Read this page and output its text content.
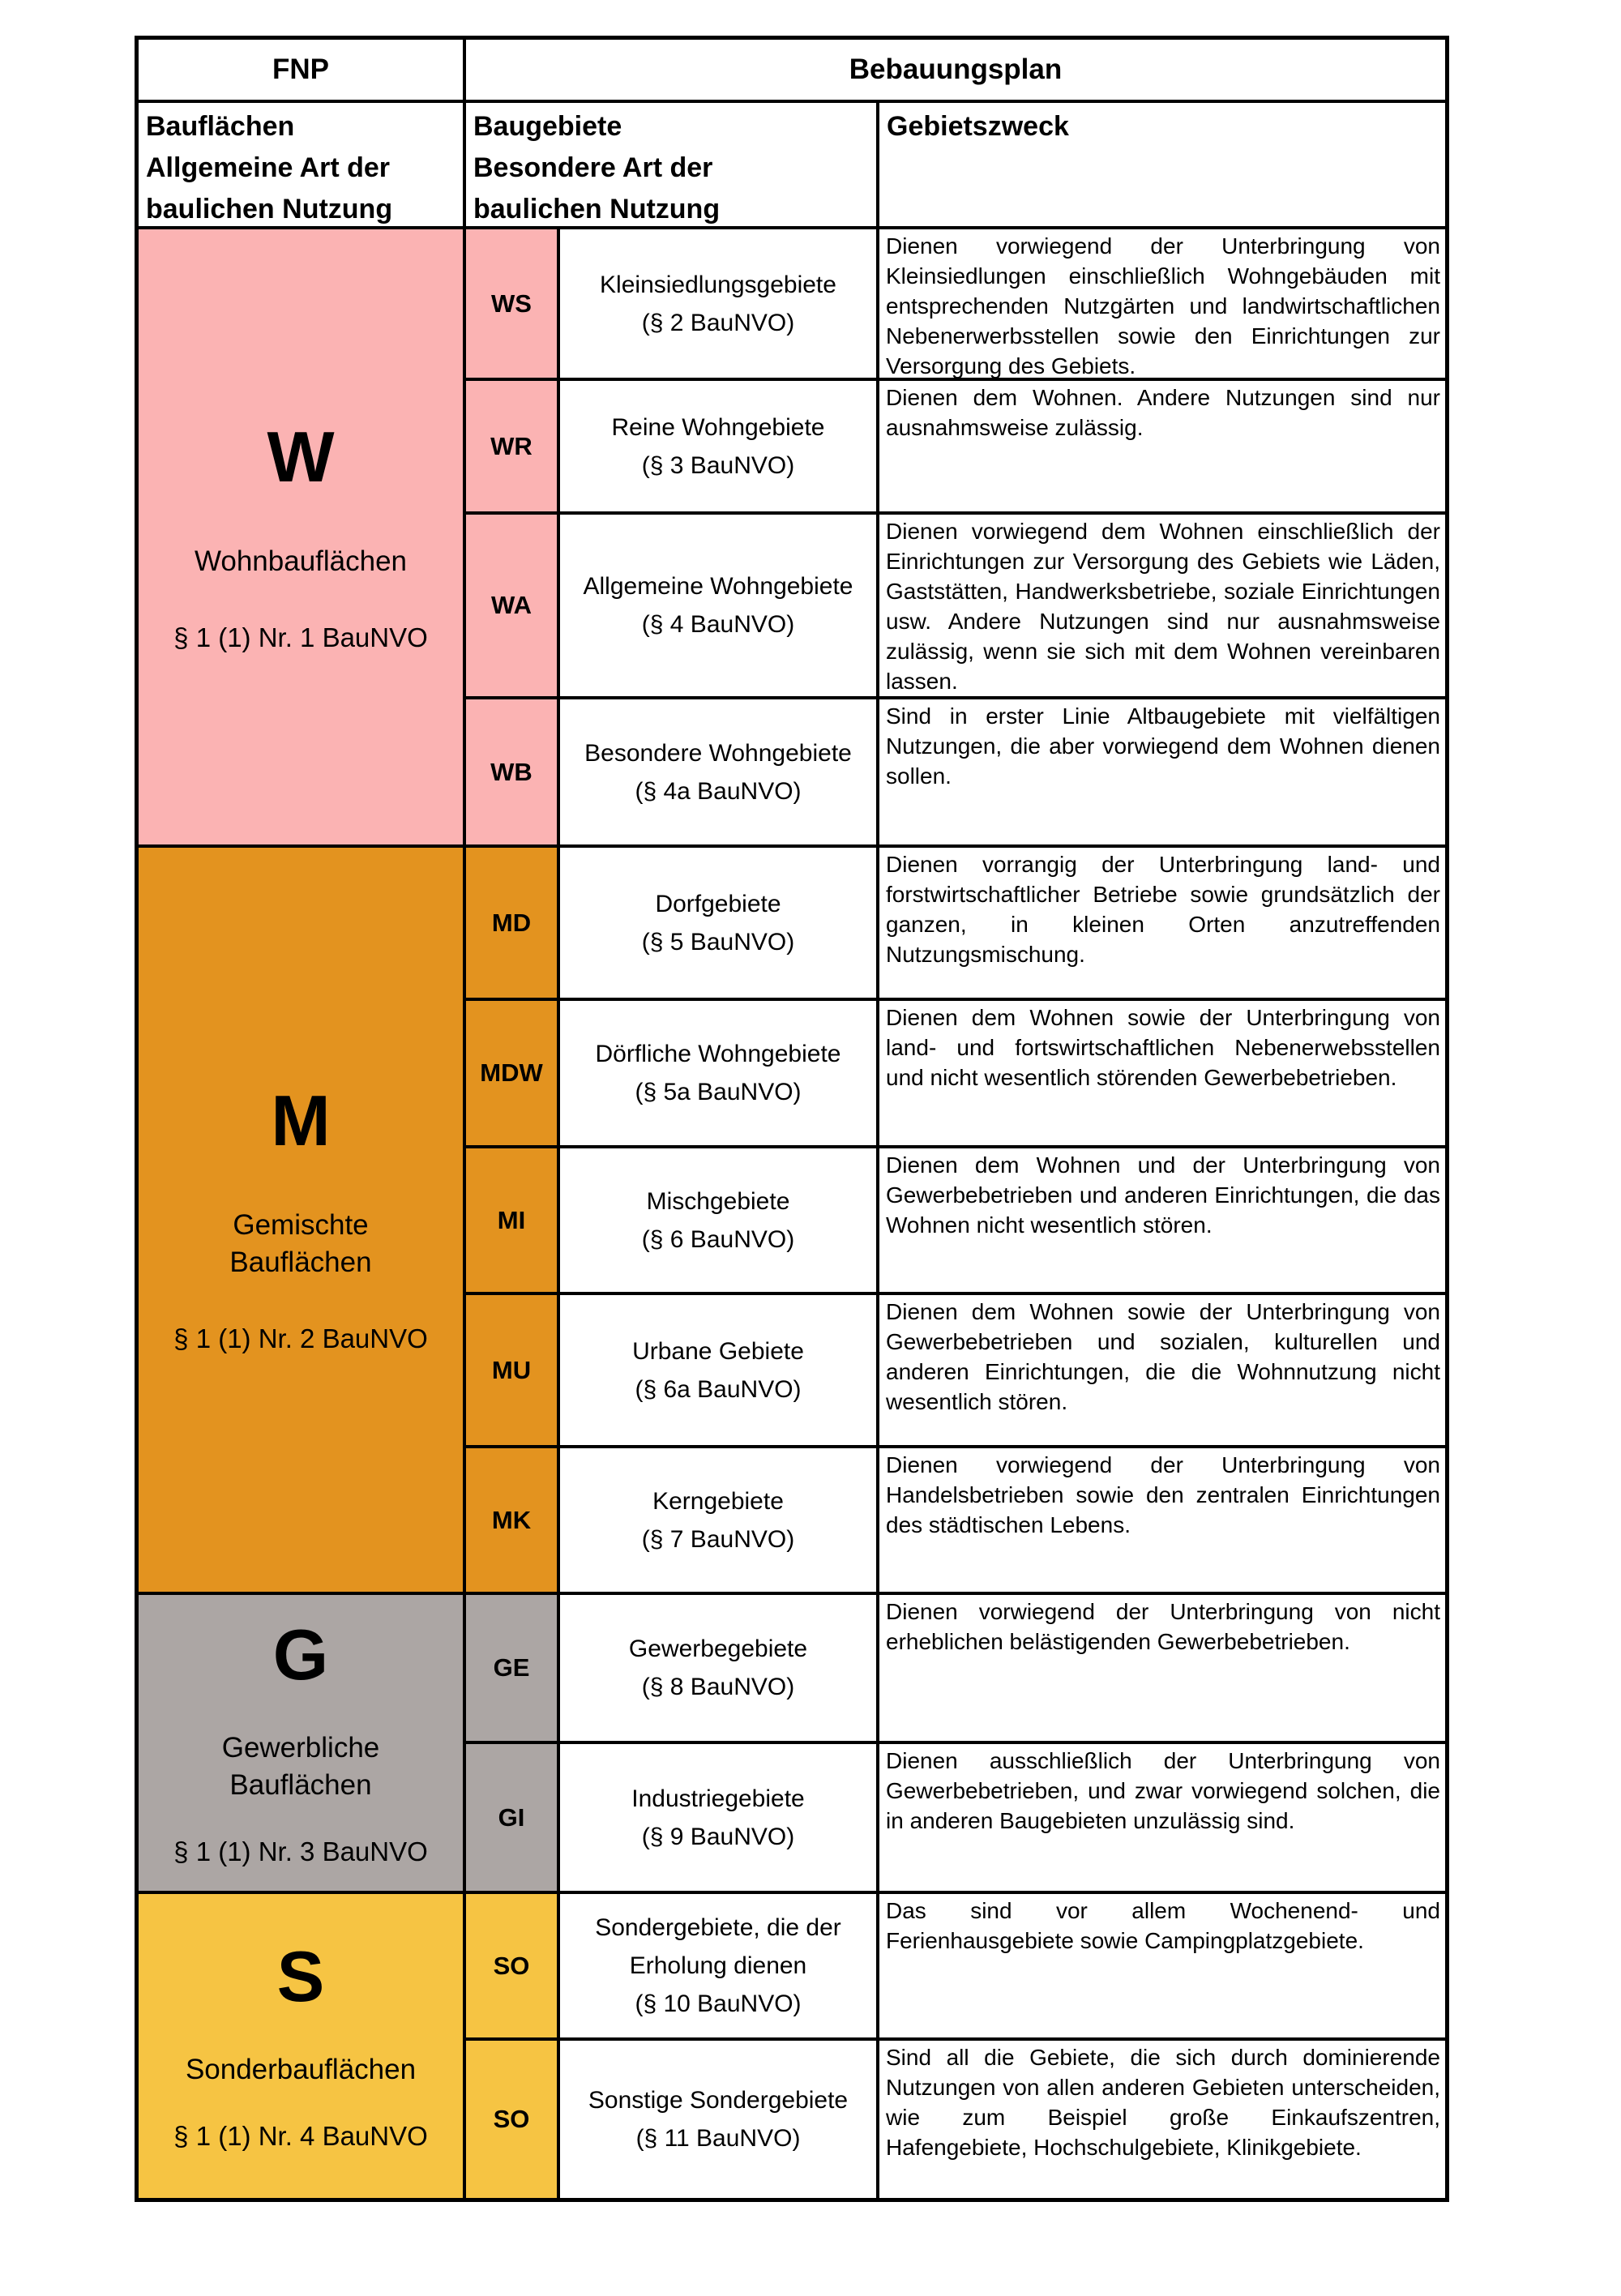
FNP	Bebauungsplan
Bauflächen
Allgemeine Art der
baulichen Nutzung
Baugebiete
Besondere Art der
baulichen Nutzung
Gebietszweck
W
Wohnbauflächen
§ 1 (1) Nr. 1 BauNVO
WS
Kleinsiedlungsgebiete
(§ 2 BauNVO)
Dienen vorwiegend der Unterbringung von Kleinsiedlungen einschließlich Wohngebäuden mit entsprechenden Nutzgärten und landwirtschaftlichen Nebenerwerbsstellen sowie den Einrichtungen zur Versorgung des Gebiets.
WR
Reine Wohngebiete
(§ 3 BauNVO)
Dienen dem Wohnen. Andere Nutzungen sind nur ausnahmsweise zulässig.
WA
Allgemeine Wohngebiete
(§ 4 BauNVO)
Dienen vorwiegend dem Wohnen einschließlich der Einrichtungen zur Versorgung des Gebiets wie Läden, Gaststätten, Handwerksbetriebe, soziale Einrichtungen usw. Andere Nutzungen sind nur ausnahmsweise zulässig, wenn sie sich mit dem Wohnen vereinbaren lassen.
WB
Besondere Wohngebiete
(§ 4a BauNVO)
Sind in erster Linie Altbaugebiete mit vielfältigen Nutzungen, die aber vorwiegend dem Wohnen dienen sollen.
M
Gemischte Bauflächen
§ 1 (1) Nr. 2 BauNVO
MD
Dorfgebiete
(§ 5 BauNVO)
Dienen vorrangig der Unterbringung land- und forstwirtschaftlicher Betriebe sowie grundsätzlich der ganzen, in kleinen Orten anzutreffenden Nutzungsmischung.
MDW
Dörfliche Wohngebiete
(§ 5a BauNVO)
Dienen dem Wohnen sowie der Unterbringung von land- und fortswirtschaftlichen Nebenerwebsstellen und nicht wesentlich störenden Gewerbebetrieben.
MI
Mischgebiete
(§ 6 BauNVO)
Dienen dem Wohnen und der Unterbringung von Gewerbebetrieben und anderen Einrichtungen, die das Wohnen nicht wesentlich stören.
MU
Urbane Gebiete
(§ 6a BauNVO)
Dienen dem Wohnen sowie der Unterbringung von Gewerbebetrieben und sozialen, kulturellen und anderen Einrichtungen, die die Wohnnutzung nicht wesentlich stören.
MK
Kerngebiete
(§ 7 BauNVO)
Dienen vorwiegend der Unterbringung von Handelsbetrieben sowie den zentralen Einrichtungen des städtischen Lebens.
G
Gewerbliche Bauflächen
§ 1 (1) Nr. 3 BauNVO
GE
Gewerbegebiete
(§ 8 BauNVO)
Dienen vorwiegend der Unterbringung von nicht erheblichen belästigenden Gewerbebetrieben.
GI
Industriegebiete
(§ 9 BauNVO)
Dienen ausschließlich der Unterbringung von Gewerbebetrieben, und zwar vorwiegend solchen, die in anderen Baugebieten unzulässig sind.
S
Sonderbauflächen
§ 1 (1) Nr. 4 BauNVO
SO
Sondergebiete, die der Erholung dienen
(§ 10 BauNVO)
Das sind vor allem Wochenend- und Ferienhausgebiete sowie Campingplatzgebiete.
SO
Sonstige Sondergebiete
(§ 11 BauNVO)
Sind all die Gebiete, die sich durch dominierende Nutzungen von allen anderen Gebieten unterscheiden, wie zum Beispiel große Einkaufszentren, Hafengebiete, Hochschulgebiete, Klinikgebiete.
